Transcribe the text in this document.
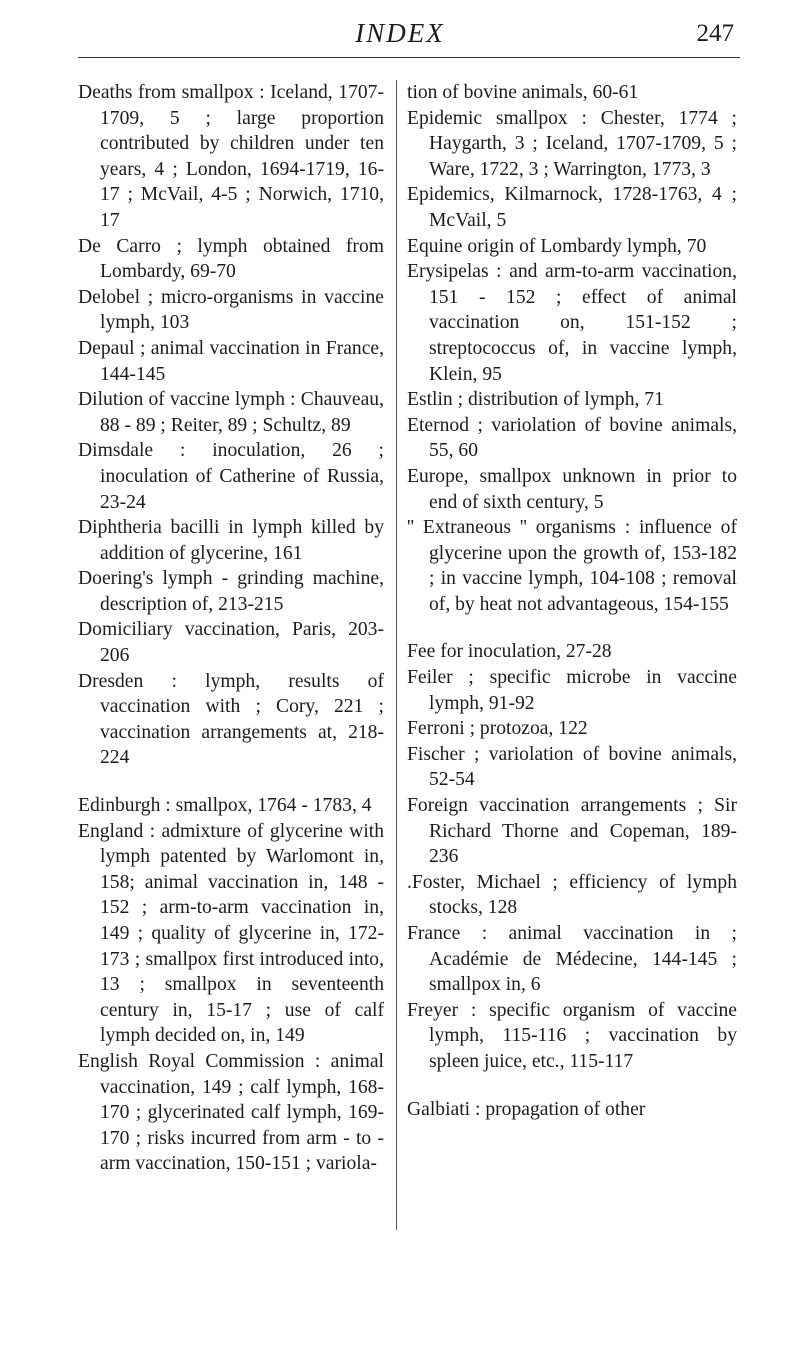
INDEX	247

Deaths from smallpox : Iceland, 1707-1709, 5 ; large proportion contributed by children under ten years, 4 ; London, 1694-1719, 16-17 ; McVail, 4-5 ; Norwich, 1710, 17

De Carro ; lymph obtained from Lombardy, 69-70

Delobel ; micro-organisms in vaccine lymph, 103

Depaul ; animal vaccination in France, 144-145

Dilution of vaccine lymph : Chauveau, 88 - 89 ; Reiter, 89 ; Schultz, 89

Dimsdale : inoculation, 26 ; inoculation of Catherine of Russia, 23-24

Diphtheria bacilli in lymph killed by addition of glycerine, 161

Doering's lymph - grinding machine, description of, 213-215

Domiciliary vaccination, Paris, 203-206

Dresden : lymph, results of vaccination with ; Cory, 221 ; vaccination arrangements at, 218-224

Edinburgh : smallpox, 1764 - 1783, 4

England : admixture of glycerine with lymph patented by Warlomont in, 158; animal vaccination in, 148 - 152 ; arm-to-arm vaccination in, 149 ; quality of glycerine in, 172-173 ; smallpox first introduced into, 13 ; smallpox in seventeenth century in, 15-17 ; use of calf lymph decided on, in, 149

English Royal Commission : animal vaccination, 149 ; calf lymph, 168-170 ; glycerinated calf lymph, 169-170 ; risks incurred from arm - to - arm vaccination, 150-151 ; variola-

tion of bovine animals, 60-61

Epidemic smallpox : Chester, 1774 ; Haygarth, 3 ; Iceland, 1707-1709, 5 ; Ware, 1722, 3 ; Warrington, 1773, 3

Epidemics, Kilmarnock, 1728-1763, 4 ; McVail, 5

Equine origin of Lombardy lymph, 70

Erysipelas : and arm-to-arm vaccination, 151 - 152 ; effect of animal vaccination on, 151-152 ; streptococcus of, in vaccine lymph, Klein, 95

Estlin ; distribution of lymph, 71

Eternod ; variolation of bovine animals, 55, 60

Europe, smallpox unknown in prior to end of sixth century, 5

'' Extraneous '' organisms : influence of glycerine upon the growth of, 153-182 ; in vaccine lymph, 104-108 ; removal of, by heat not advantageous, 154-155

Fee for inoculation, 27-28

Feiler ; specific microbe in vaccine lymph, 91-92

Ferroni ; protozoa, 122

Fischer ; variolation of bovine animals, 52-54

Foreign vaccination arrangements ; Sir Richard Thorne and Copeman, 189-236

.Foster, Michael ; efficiency of lymph stocks, 128

France : animal vaccination in ; Académie de Médecine, 144-145 ; smallpox in, 6

Freyer : specific organism of vaccine lymph, 115-116 ; vaccination by spleen juice, etc., 115-117

Galbiati : propagation of other
